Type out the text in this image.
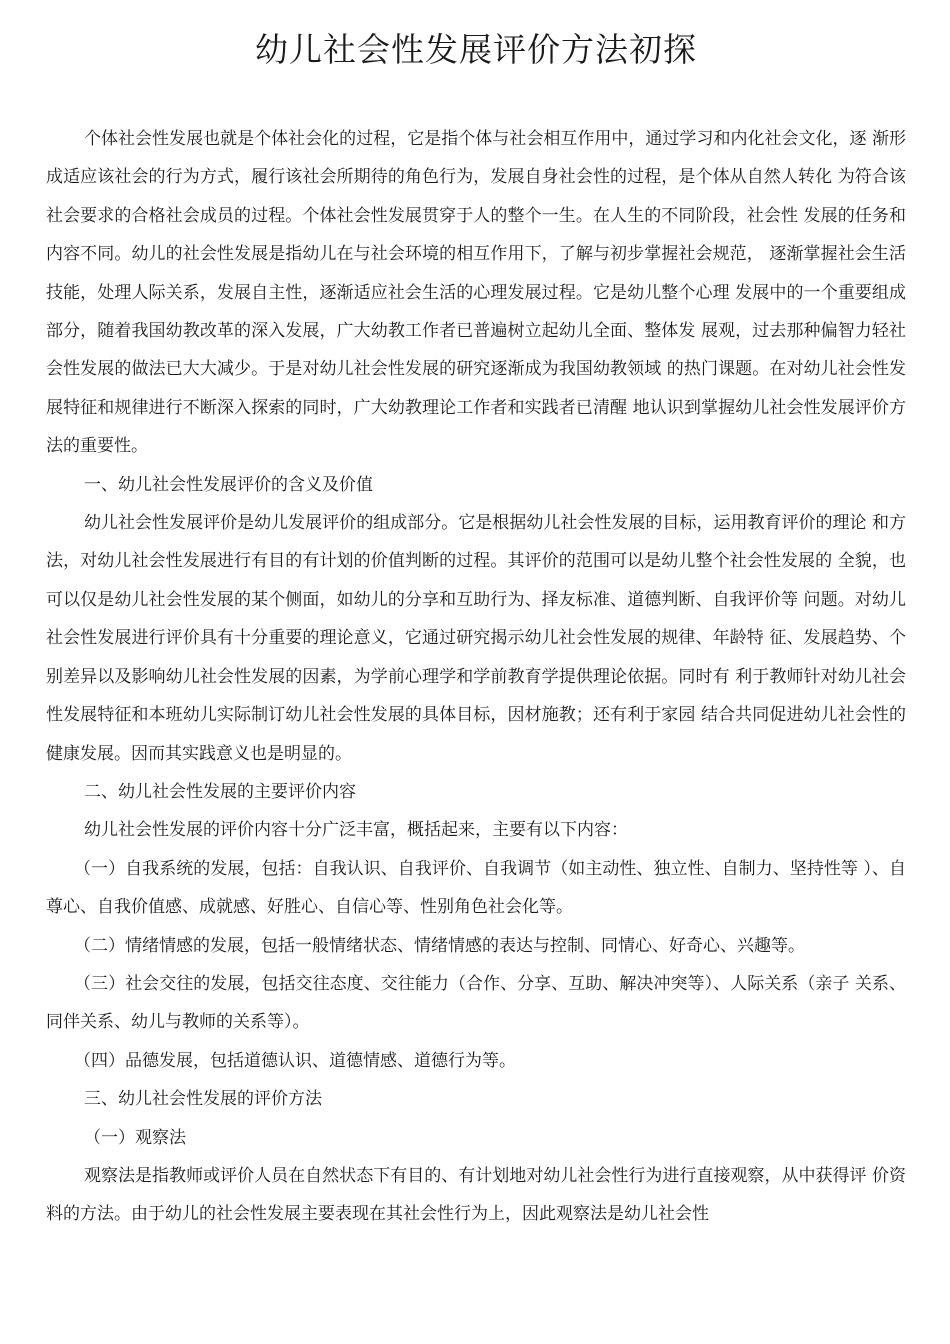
幼儿社会性发展评价方法初探

个体社会性发展也就是个体社会化的过程，它是指个体与社会相互作用中，通过学习和内化社会文化，逐 渐形成适应该社会的行为方式，履行该社会所期待的角色行为，发展自身社会性的过程，是个体从自然人转化 为符合该社会要求的合格社会成员的过程。个体社会性发展贯穿于人的整个一生。在人生的不同阶段，社会性 发展的任务和内容不同。幼儿的社会性发展是指幼儿在与社会环境的相互作用下，了解与初步掌握社会规范， 逐渐掌握社会生活技能，处理人际关系，发展自主性，逐渐适应社会生活的心理发展过程。它是幼儿整个心理 发展中的一个重要组成部分，随着我国幼教改革的深入发展，广大幼教工作者已普遍树立起幼儿全面、整体发 展观，过去那种偏智力轻社会性发展的做法已大大减少。于是对幼儿社会性发展的研究逐渐成为我国幼教领域 的热门课题。在对幼儿社会性发展特征和规律进行不断深入探索的同时，广大幼教理论工作者和实践者已清醒 地认识到掌握幼儿社会性发展评价方法的重要性。

一、幼儿社会性发展评价的含义及价值

幼儿社会性发展评价是幼儿发展评价的组成部分。它是根据幼儿社会性发展的目标，运用教育评价的理论 和方法，对幼儿社会性发展进行有目的有计划的价值判断的过程。其评价的范围可以是幼儿整个社会性发展的 全貌，也可以仅是幼儿社会性发展的某个侧面，如幼儿的分享和互助行为、择友标准、道德判断、自我评价等 问题。对幼儿社会性发展进行评价具有十分重要的理论意义，它通过研究揭示幼儿社会性发展的规律、年龄特 征、发展趋势、个别差异以及影响幼儿社会性发展的因素，为学前心理学和学前教育学提供理论依据。同时有 利于教师针对幼儿社会性发展特征和本班幼儿实际制订幼儿社会性发展的具体目标，因材施教；还有利于家园 结合共同促进幼儿社会性的健康发展。因而其实践意义也是明显的。

二、幼儿社会性发展的主要评价内容

幼儿社会性发展的评价内容十分广泛丰富，概括起来，主要有以下内容：

（一）自我系统的发展，包括：自我认识、自我评价、自我调节（如主动性、独立性、自制力、坚持性等 ）、自尊心、自我价值感、成就感、好胜心、自信心等、性别角色社会化等。

（二）情绪情感的发展，包括一般情绪状态、情绪情感的表达与控制、同情心、好奇心、兴趣等。

（三）社会交往的发展，包括交往态度、交往能力（合作、分享、互助、解决冲突等）、人际关系（亲子 关系、同伴关系、幼儿与教师的关系等）。

（四）品德发展，包括道德认识、道德情感、道德行为等。

三、幼儿社会性发展的评价方法

（一）观察法

观察法是指教师或评价人员在自然状态下有目的、有计划地对幼儿社会性行为进行直接观察，从中获得评 价资料的方法。由于幼儿的社会性发展主要表现在其社会性行为上，因此观察法是幼儿社会性
